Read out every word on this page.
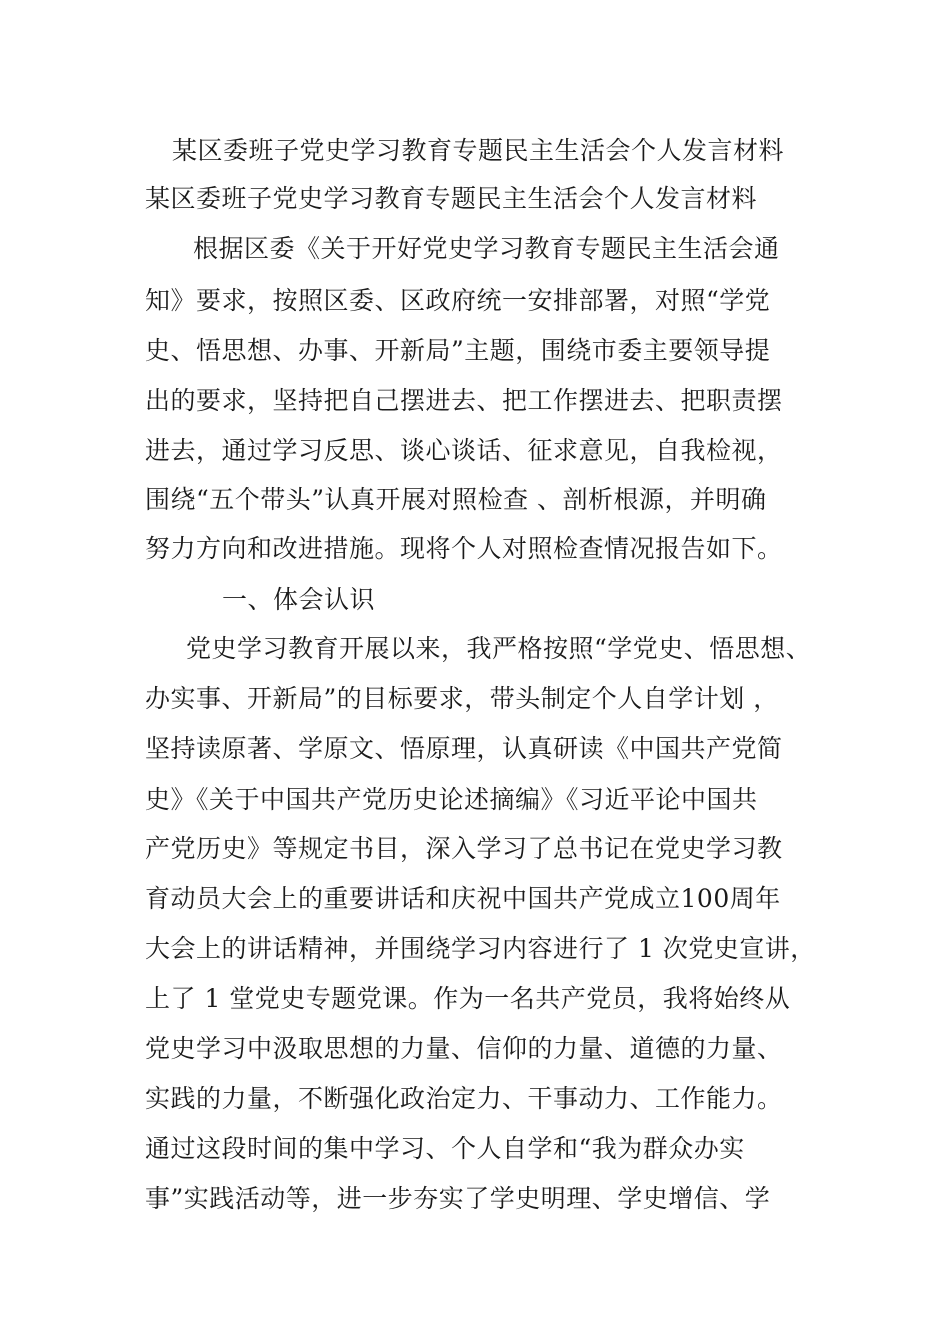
某区委班子党史学习教育专题民主生活会个人发言材料
某区委班子党史学习教育专题民主生活会个人发言材料
根据区委《关于开好党史学习教育专题民主生活会通
知》要求，按照区委、区政府统一安排部署，对照“学党
史、悟思想、办事、开新局”主题，围绕市委主要领导提
出的要求，坚持把自己摆进去、把工作摆进去、把职责摆
进去，通过学习反思、谈心谈话、征求意见，自我检视，
围绕“五个带头”认真开展对照检查 、剖析根源，并明确
努力方向和改进措施。现将个人对照检查情况报告如下。
一、体会认识
党史学习教育开展以来，我严格按照“学党史、悟思想、
办实事、开新局”的目标要求，带头制定个人自学计划 ，
坚持读原著、学原文、悟原理，认真研读《中国共产党简
史》《关于中国共产党历史论述摘编》《习近平论中国共
产党历史》等规定书目，深入学习了总书记在党史学习教
育动员大会上的重要讲话和庆祝中国共产党成立100周年
大会上的讲话精神，并围绕学习内容进行了 1 次党史宣讲，
上了 1 堂党史专题党课。作为一名共产党员，我将始终从
党史学习中汲取思想的力量、信仰的力量、道德的力量、
实践的力量，不断强化政治定力、干事动力、工作能力。
通过这段时间的集中学习、个人自学和“我为群众办实
事”实践活动等，进一步夯实了学史明理、学史增信、学
